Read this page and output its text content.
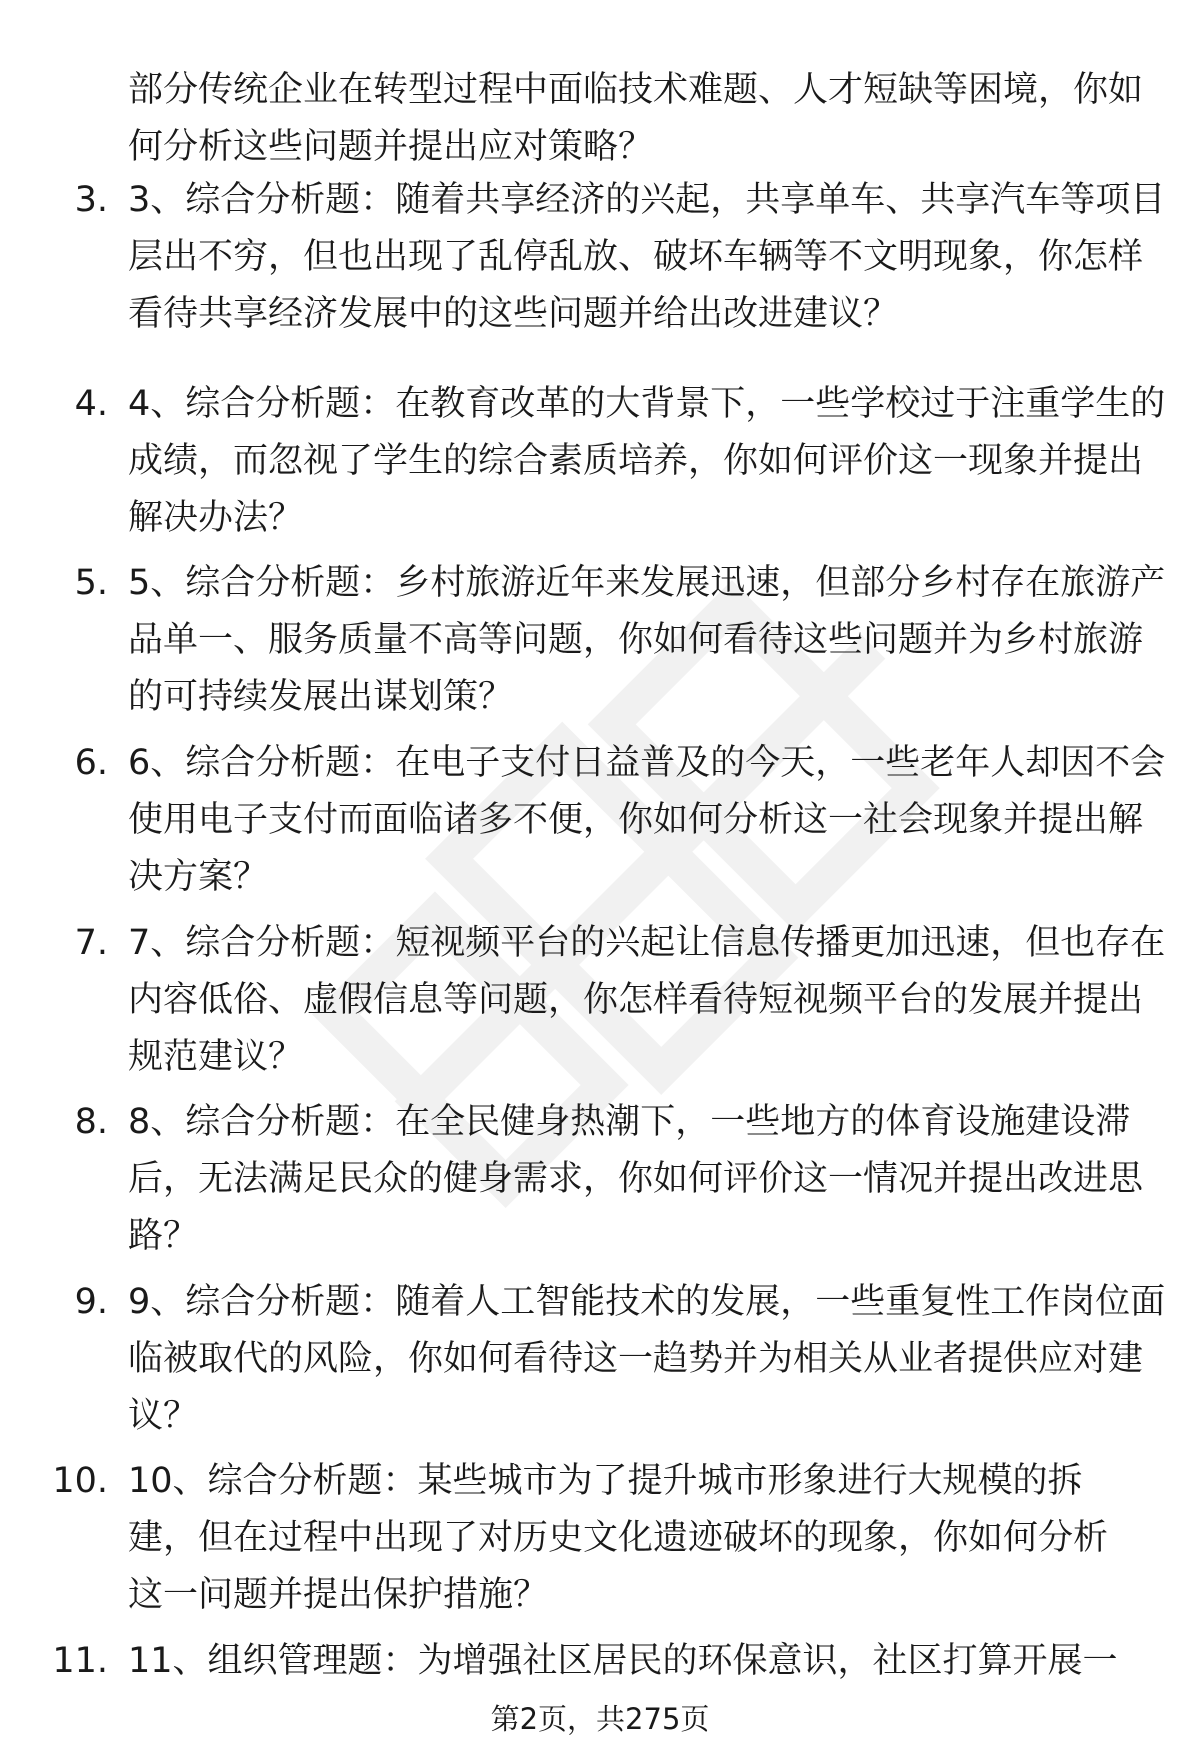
部分传统企业在转型过程中面临技术难题、人才短缺等困境，你如何分析这些问题并提出应对策略？

3. 3、综合分析题：随着共享经济的兴起，共享单车、共享汽车等项目层出不穷，但也出现了乱停乱放、破坏车辆等不文明现象，你怎样看待共享经济发展中的这些问题并给出改进建议？

4. 4、综合分析题：在教育改革的大背景下，一些学校过于注重学生的成绩，而忽视了学生的综合素质培养，你如何评价这一现象并提出解决办法？

5. 5、综合分析题：乡村旅游近年来发展迅速，但部分乡村存在旅游产品单一、服务质量不高等问题，你如何看待这些问题并为乡村旅游的可持续发展出谋划策？

6. 6、综合分析题：在电子支付日益普及的今天，一些老年人却因不会使用电子支付而面临诸多不便，你如何分析这一社会现象并提出解决方案？

7. 7、综合分析题：短视频平台的兴起让信息传播更加迅速，但也存在内容低俗、虚假信息等问题，你怎样看待短视频平台的发展并提出规范建议？

8. 8、综合分析题：在全民健身热潮下，一些地方的体育设施建设滞后，无法满足民众的健身需求，你如何评价这一情况并提出改进思路？

9. 9、综合分析题：随着人工智能技术的发展，一些重复性工作岗位面临被取代的风险，你如何看待这一趋势并为相关从业者提供应对建议？

10. 10、综合分析题：某些城市为了提升城市形象进行大规模的拆建，但在过程中出现了对历史文化遗迹破坏的现象，你如何分析这一问题并提出保护措施？

11. 11、组织管理题：为增强社区居民的环保意识，社区打算开展一

第2页，共275页
